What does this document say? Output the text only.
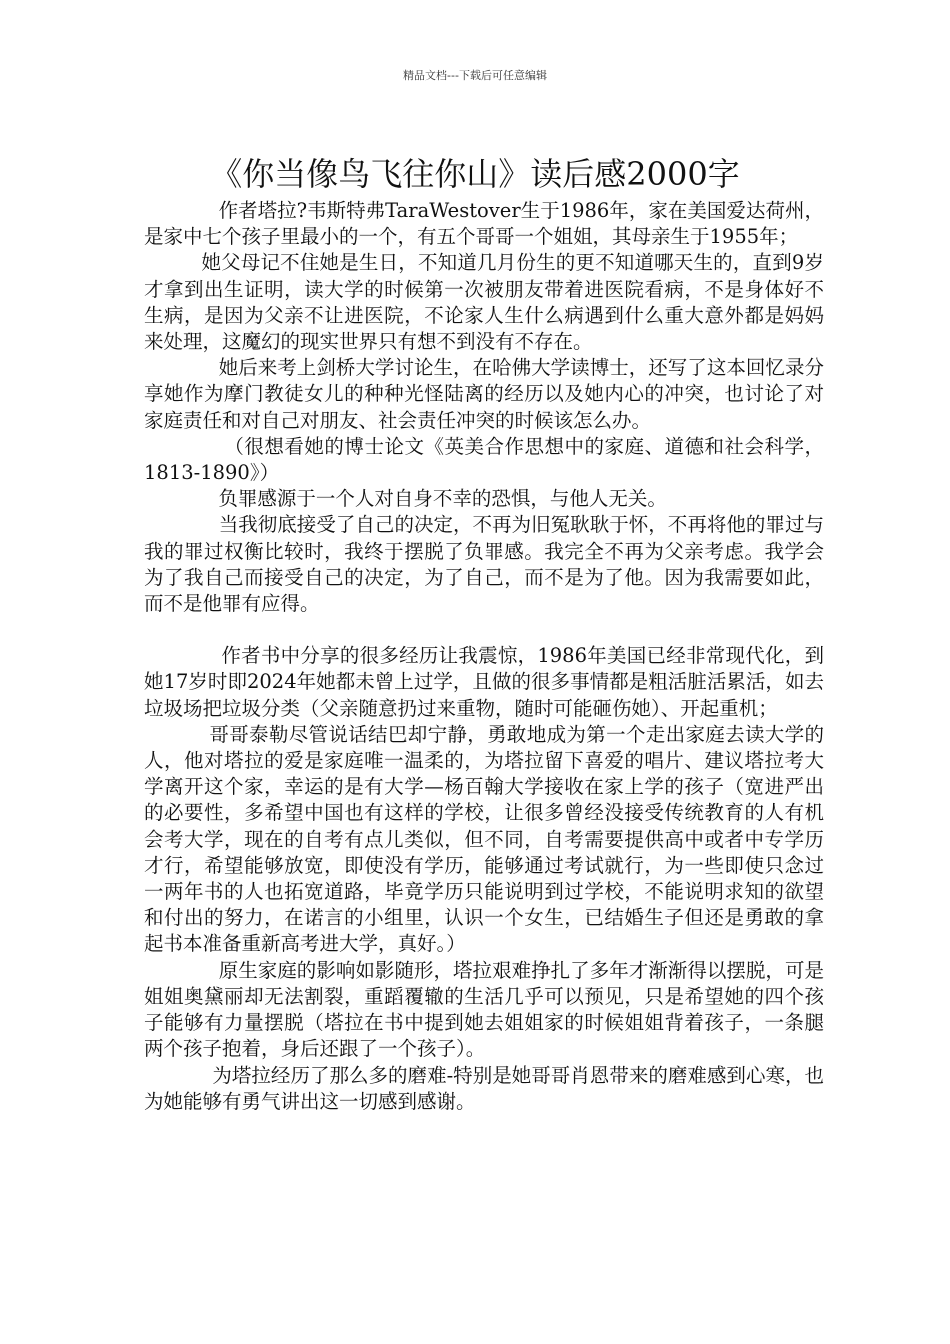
精品文档---下载后可任意编辑
《你当像鸟飞往你山》读后感2000字

作者塔拉?韦斯特弗TaraWestover生于1986年，家在美国爱达荷州，是家中七个孩子里最小的一个，有五个哥哥一个姐姐，其母亲生于1955年；

她父母记不住她是生日，不知道几月份生的更不知道哪天生的，直到9岁才拿到出生证明，读大学的时候第一次被朋友带着进医院看病，不是身体好不生病，是因为父亲不让进医院，不论家人生什么病遇到什么重大意外都是妈妈来处理，这魔幻的现实世界只有想不到没有不存在。

她后来考上剑桥大学讨论生，在哈佛大学读博士，还写了这本回忆录分享她作为摩门教徒女儿的种种光怪陆离的经历以及她内心的冲突，也讨论了对家庭责任和对自己对朋友、社会责任冲突的时候该怎么办。

（很想看她的博士论文《英美合作思想中的家庭、道德和社会科学，1813-1890》）

负罪感源于一个人对自身不幸的恐惧，与他人无关。

当我彻底接受了自己的决定，不再为旧冤耿耿于怀，不再将他的罪过与我的罪过权衡比较时，我终于摆脱了负罪感。我完全不再为父亲考虑。我学会为了我自己而接受自己的决定，为了自己，而不是为了他。因为我需要如此，而不是他罪有应得。

作者书中分享的很多经历让我震惊，1986年美国已经非常现代化，到她17岁时即2024年她都未曾上过学，且做的很多事情都是粗活脏活累活，如去垃圾场把垃圾分类（父亲随意扔过来重物，随时可能砸伤她）、开起重机；

哥哥泰勒尽管说话结巴却宁静，勇敢地成为第一个走出家庭去读大学的人，他对塔拉的爱是家庭唯一温柔的，为塔拉留下喜爱的唱片、建议塔拉考大学离开这个家，幸运的是有大学—杨百翰大学接收在家上学的孩子（宽进严出的必要性，多希望中国也有这样的学校，让很多曾经没接受传统教育的人有机会考大学，现在的自考有点儿类似，但不同，自考需要提供高中或者中专学历才行，希望能够放宽，即使没有学历，能够通过考试就行，为一些即使只念过一两年书的人也拓宽道路，毕竟学历只能说明到过学校，不能说明求知的欲望和付出的努力，在诺言的小组里，认识一个女生，已结婚生子但还是勇敢的拿起书本准备重新高考进大学，真好。）

原生家庭的影响如影随形，塔拉艰难挣扎了多年才渐渐得以摆脱，可是姐姐奥黛丽却无法割裂，重蹈覆辙的生活几乎可以预见，只是希望她的四个孩子能够有力量摆脱（塔拉在书中提到她去姐姐家的时候姐姐背着孩子，一条腿两个孩子抱着，身后还跟了一个孩子）。

为塔拉经历了那么多的磨难-特别是她哥哥肖恩带来的磨难感到心寒，也为她能够有勇气讲出这一切感到感谢。
